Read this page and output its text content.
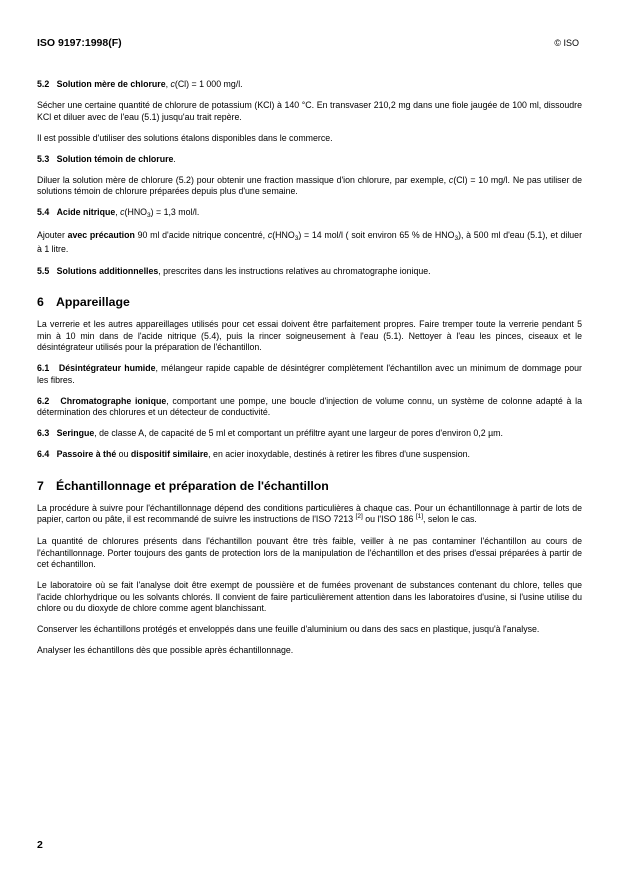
ISO 9197:1998(F)	© ISO

5.2 Solution mère de chlorure, c(Cl) = 1 000 mg/l.

Sécher une certaine quantité de chlorure de potassium (KCl) à 140 °C. En transvaser 210,2 mg dans une fiole jaugée de 100 ml, dissoudre KCl et diluer avec de l'eau (5.1) jusqu'au trait repère.

Il est possible d'utiliser des solutions étalons disponibles dans le commerce.

5.3 Solution témoin de chlorure.

Diluer la solution mère de chlorure (5.2) pour obtenir une fraction massique d'ion chlorure, par exemple, c(Cl) = 10 mg/l. Ne pas utiliser de solutions témoin de chlorure préparées depuis plus d'une semaine.

5.4 Acide nitrique, $c(HNO_3) = 1,3$ mol/l.

Ajouter avec précaution 90 ml d'acide nitrique concentré, $c(HNO_3) = 14$ mol/l ( soit environ 65 % de $HNO_3$), à 500 ml d'eau (5.1), et diluer à 1 litre.

5.5 Solutions additionnelles, prescrites dans les instructions relatives au chromatographe ionique.

6 Appareillage

La verrerie et les autres appareillages utilisés pour cet essai doivent être parfaitement propres. Faire tremper toute la verrerie pendant 5 min à 10 min dans de l'acide nitrique (5.4), puis la rincer soigneusement à l'eau (5.1). Nettoyer à l'eau les pinces, ciseaux et le désintégrateur utilisés pour la préparation de l'échantillon.

6.1 Désintégrateur humide, mélangeur rapide capable de désintégrer complètement l'échantillon avec un minimum de dommage pour les fibres.

6.2 Chromatographe ionique, comportant une pompe, une boucle d'injection de volume connu, un système de colonne adapté à la détermination des chlorures et un détecteur de conductivité.

6.3 Seringue, de classe A, de capacité de 5 ml et comportant un préfiltre ayant une largeur de pores d'environ 0,2 µm.

6.4 Passoire à thé ou dispositif similaire, en acier inoxydable, destinés à retirer les fibres d'une suspension.

7 Échantillonnage et préparation de l'échantillon

La procédure à suivre pour l'échantillonnage dépend des conditions particulières à chaque cas. Pour un échantillonnage à partir de lots de papier, carton ou pâte, il est recommandé de suivre les instructions de l'ISO 7213 [2] ou l'ISO 186 [1], selon le cas.

La quantité de chlorures présents dans l'échantillon pouvant être très faible, veiller à ne pas contaminer l'échantillon au cours de l'échantillonnage. Porter toujours des gants de protection lors de la manipulation de l'échantillon et des prises d'essai préparées à partir de cet échantillon.

Le laboratoire où se fait l'analyse doit être exempt de poussière et de fumées provenant de substances contenant du chlore, telles que l'acide chlorhydrique ou les solvants chlorés. Il convient de faire particulièrement attention dans les laboratoires d'usine, si l'usine utilise du chlore ou du dioxyde de chlore comme agent blanchissant.

Conserver les échantillons protégés et enveloppés dans une feuille d'aluminium ou dans des sacs en plastique, jusqu'à l'analyse.

Analyser les échantillons dès que possible après échantillonnage.

2
